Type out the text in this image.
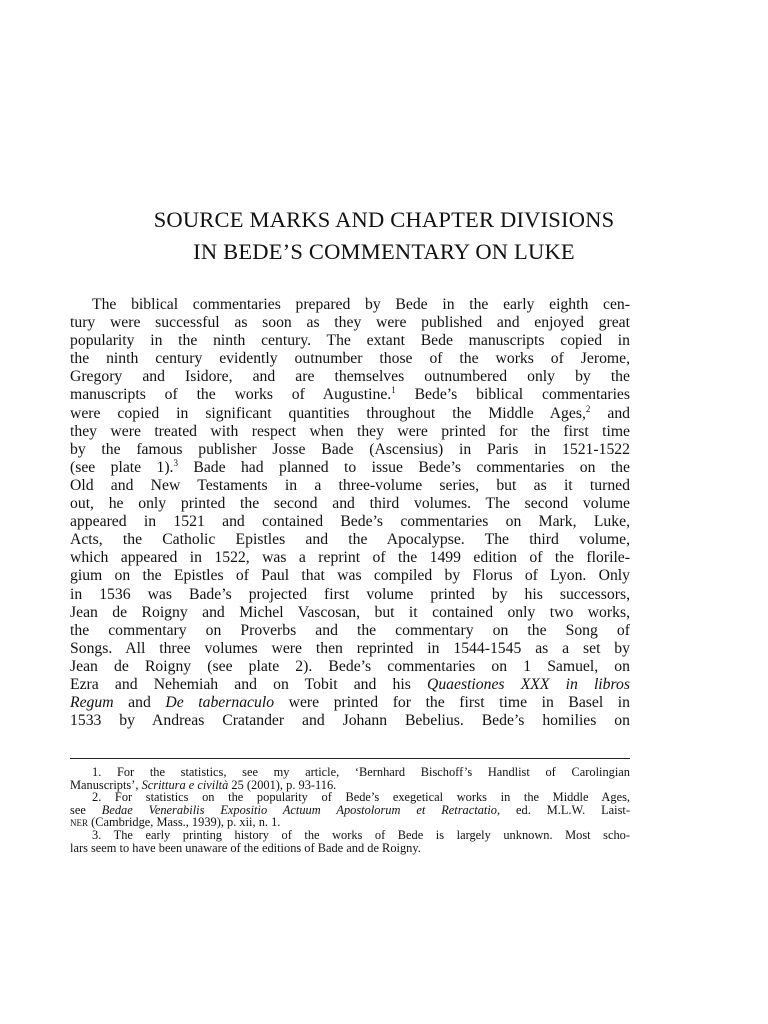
SOURCE MARKS AND CHAPTER DIVISIONS
IN BEDE’S COMMENTARY ON LUKE
The biblical commentaries prepared by Bede in the early eighth cen-
tury were successful as soon as they were published and enjoyed great
popularity in the ninth century. The extant Bede manuscripts copied in
the ninth century evidently outnumber those of the works of Jerome,
Gregory and Isidore, and are themselves outnumbered only by the
manuscripts of the works of Augustine.$^1$ Bede’s biblical commentaries
were copied in significant quantities throughout the Middle Ages,$^2$ and
they were treated with respect when they were printed for the first time
by the famous publisher Josse Bade (Ascensius) in Paris in 1521-1522
(see plate 1).$^3$ Bade had planned to issue Bede’s commentaries on the
Old and New Testaments in a three-volume series, but as it turned
out, he only printed the second and third volumes. The second volume
appeared in 1521 and contained Bede’s commentaries on Mark, Luke,
Acts, the Catholic Epistles and the Apocalypse. The third volume,
which appeared in 1522, was a reprint of the 1499 edition of the florile-
gium on the Epistles of Paul that was compiled by Florus of Lyon. Only
in 1536 was Bade’s projected first volume printed by his successors,
Jean de Roigny and Michel Vascosan, but it contained only two works,
the commentary on Proverbs and the commentary on the Song of
Songs. All three volumes were then reprinted in 1544-1545 as a set by
Jean de Roigny (see plate 2). Bede’s commentaries on 1 Samuel, on
Ezra and Nehemiah and on Tobit and his Quaestiones XXX in libros
Regum and De tabernaculo were printed for the first time in Basel in
1533 by Andreas Cratander and Johann Bebelius. Bede’s homilies on
1. For the statistics, see my article, ‘Bernhard Bischoff’s Handlist of Carolingian
Manuscripts’, Scrittura e civiltà 25 (2001), p. 93-116.
2. For statistics on the popularity of Bede’s exegetical works in the Middle Ages,
see Bedae Venerabilis Expositio Actuum Apostolorum et Retractatio, ed. M.L.W. Laist-
ner (Cambridge, Mass., 1939), p. xii, n. 1.
3. The early printing history of the works of Bede is largely unknown. Most scho-
lars seem to have been unaware of the editions of Bade and de Roigny.
